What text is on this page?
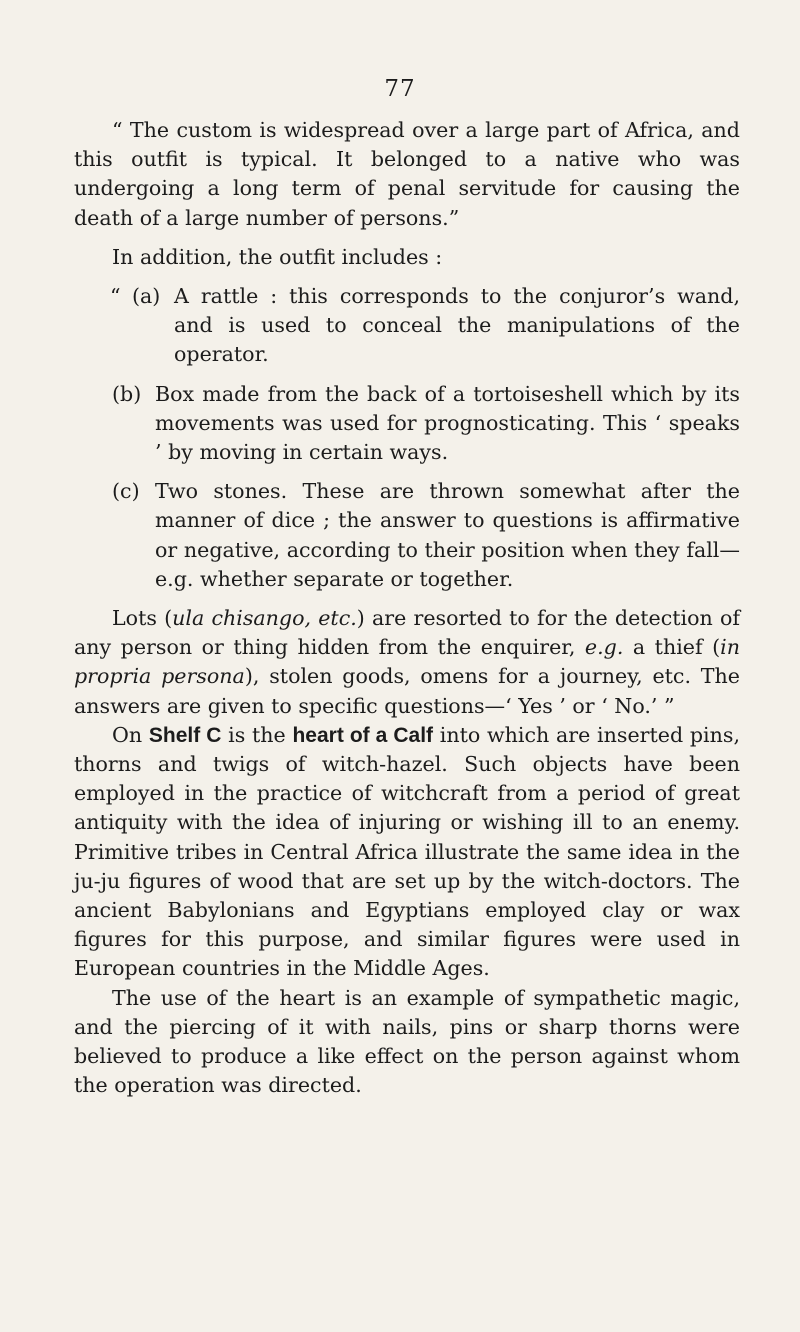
77

“ The custom is widespread over a large part of Africa, and this outfit is typical. It belonged to a native who was undergoing a long term of penal servitude for causing the death of a large number of persons.”

In addition, the outfit includes :

“ (a) A rattle : this corresponds to the conjuror’s wand, and is used to conceal the manipulations of the operator.
(b) Box made from the back of a tortoiseshell which by its movements was used for prognosticating. This ‘ speaks ’ by moving in certain ways.
(c) Two stones. These are thrown somewhat after the manner of dice ; the answer to questions is affirmative or negative, according to their position when they fall—e.g. whether separate or together.

Lots (ula chisango, etc.) are resorted to for the detection of any person or thing hidden from the enquirer, e.g. a thief (in propria persona), stolen goods, omens for a journey, etc. The answers are given to specific questions—‘ Yes ’ or ‘ No.’ ”

On Shelf C is the heart of a Calf into which are inserted pins, thorns and twigs of witch-hazel. Such objects have been employed in the practice of witchcraft from a period of great antiquity with the idea of injuring or wishing ill to an enemy. Primitive tribes in Central Africa illustrate the same idea in the ju-ju figures of wood that are set up by the witch-doctors. The ancient Babylonians and Egyptians employed clay or wax figures for this purpose, and similar figures were used in European countries in the Middle Ages.

The use of the heart is an example of sympathetic magic, and the piercing of it with nails, pins or sharp thorns were believed to produce a like effect on the person against whom the operation was directed.
